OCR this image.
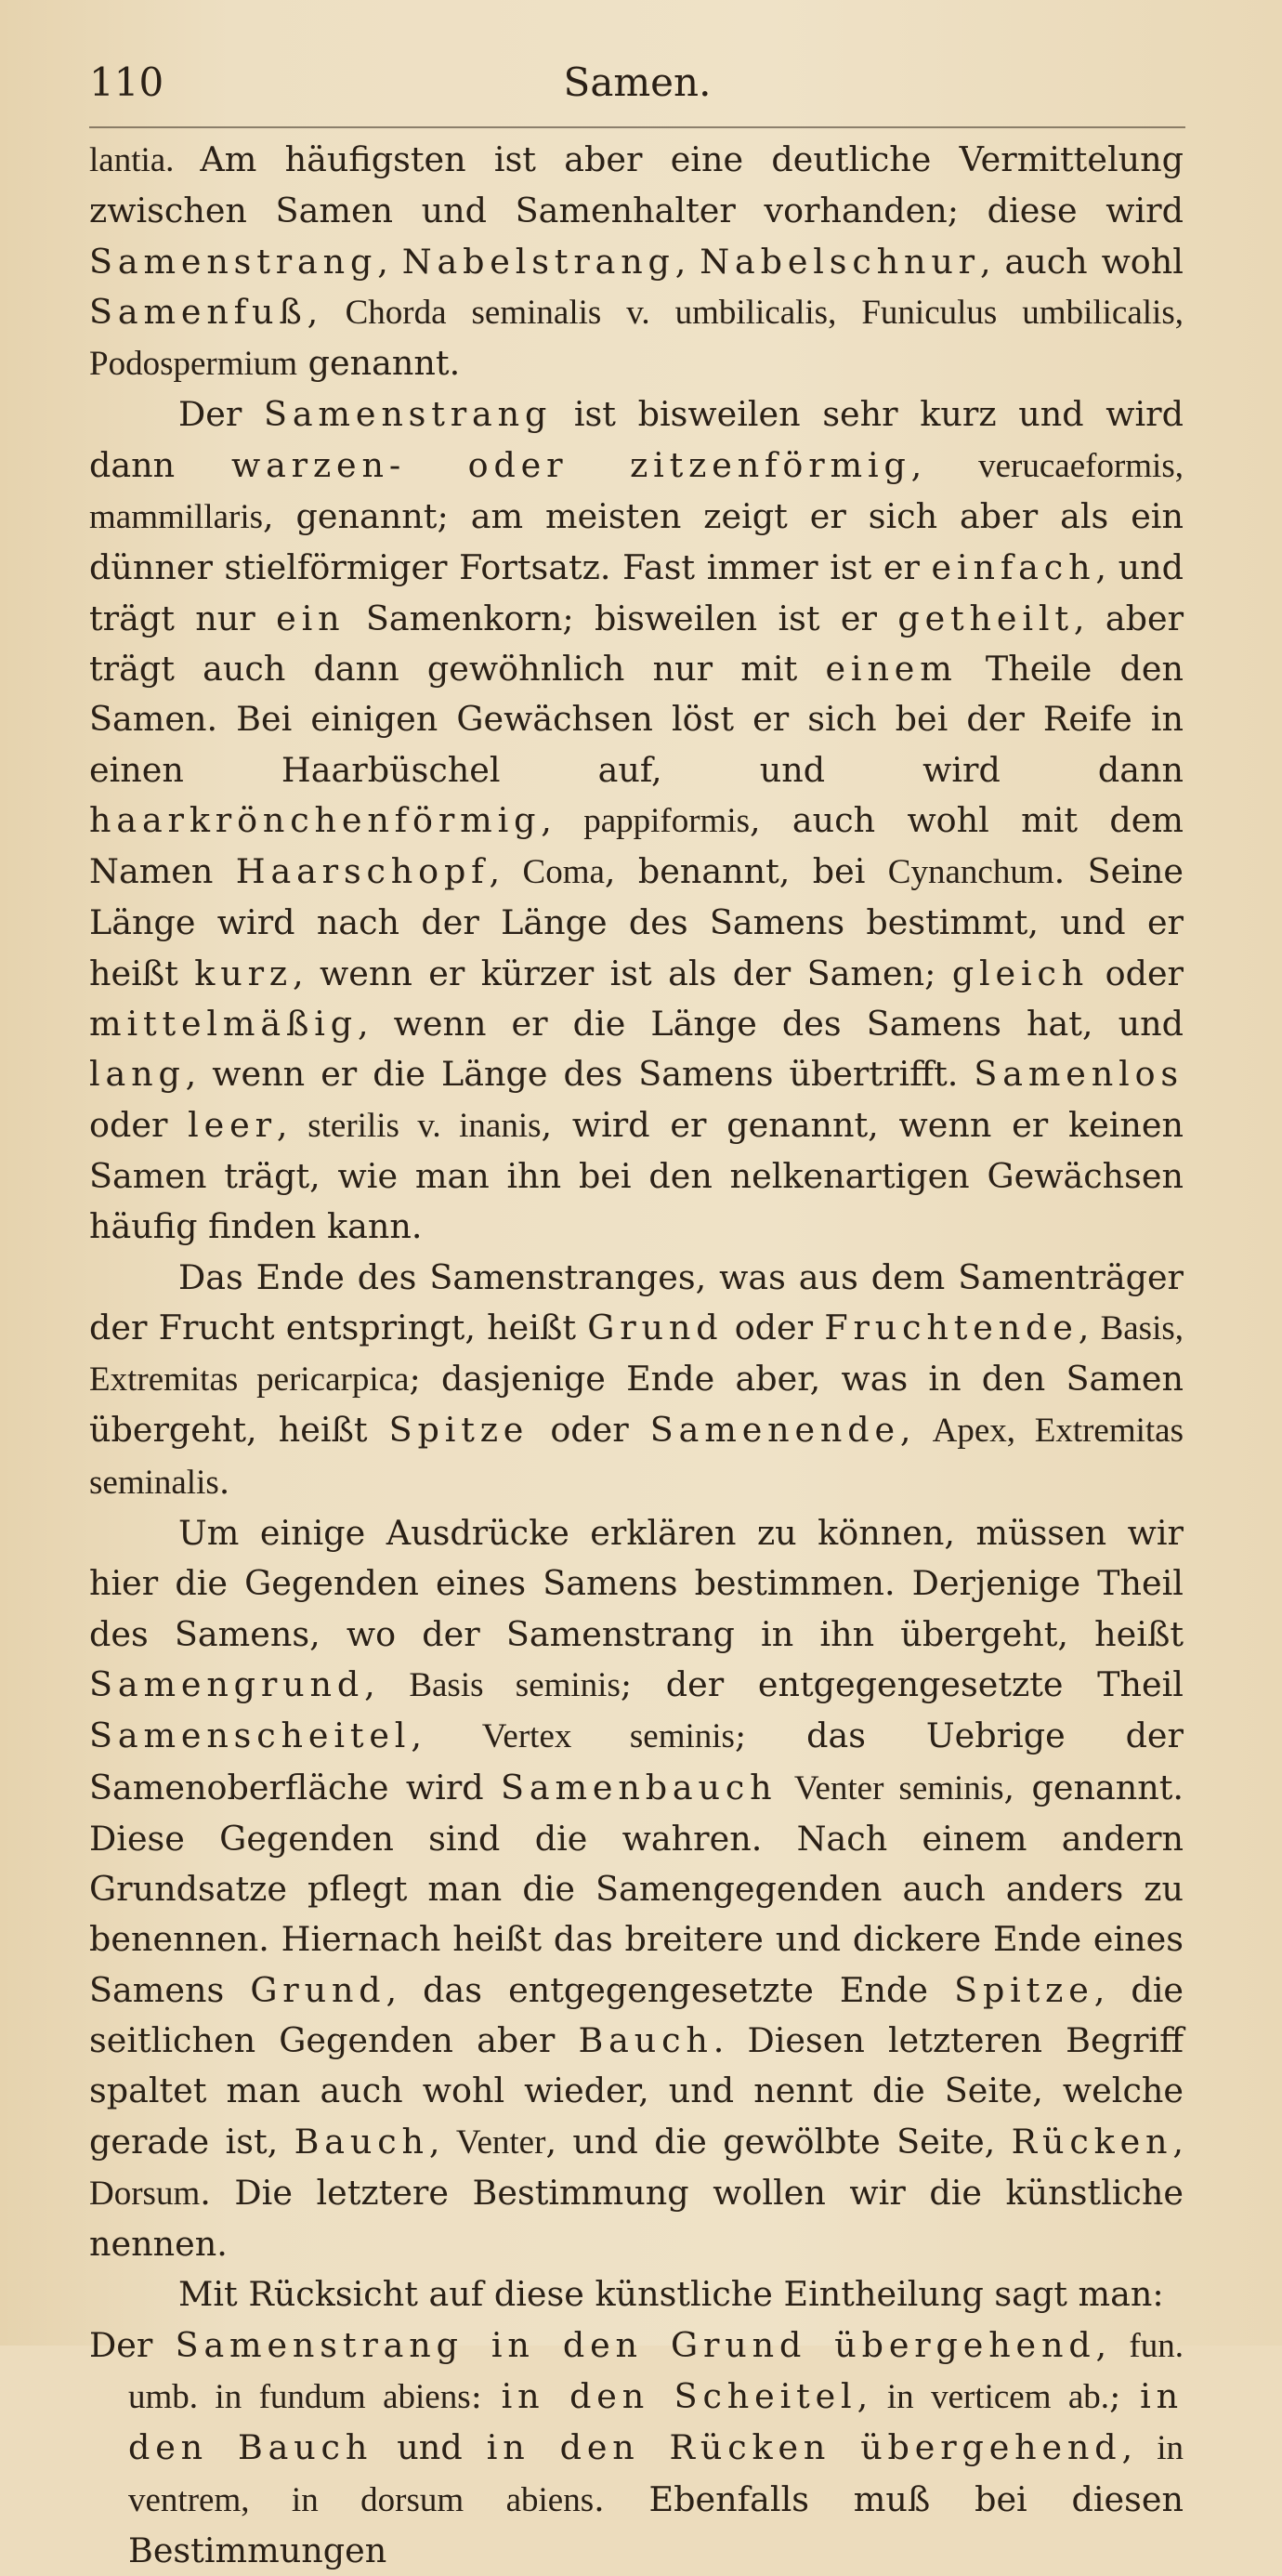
110	Samen.

lantia. Am häufigsten ist aber eine deutliche Vermittelung zwischen Samen und Samenhalter vorhanden; diese wird Samenstrang, Nabelstrang, Nabelschnur, auch wohl Samenfuß, Chorda seminalis v. umbilicalis, Funiculus umbilicalis, Podospermium genannt.

Der Samenstrang ist bisweilen sehr kurz und wird dann warzen- oder zitzenförmig, verucaeformis, mammillaris, genannt; am meisten zeigt er sich aber als ein dünner stielförmiger Fortsatz. Fast immer ist er einfach, und trägt nur ein Samenkorn; bisweilen ist er getheilt, aber trägt auch dann gewöhnlich nur mit einem Theile den Samen. Bei einigen Gewächsen löst er sich bei der Reife in einen Haarbüschel auf, und wird dann haarkrönchenförmig, pappiformis, auch wohl mit dem Namen Haarschopf, Coma, benannt, bei Cynanchum. Seine Länge wird nach der Länge des Samens bestimmt, und er heißt kurz, wenn er kürzer ist als der Samen; gleich oder mittelmäßig, wenn er die Länge des Samens hat, und lang, wenn er die Länge des Samens übertrifft. Samenlos oder leer, sterilis v. inanis, wird er genannt, wenn er keinen Samen trägt, wie man ihn bei den nelkenartigen Gewächsen häufig finden kann.

Das Ende des Samenstranges, was aus dem Samenträger der Frucht entspringt, heißt Grund oder Fruchtende, Basis, Extremitas pericarpica; dasjenige Ende aber, was in den Samen übergeht, heißt Spitze oder Samenende, Apex, Extremitas seminalis.

Um einige Ausdrücke erklären zu können, müssen wir hier die Gegenden eines Samens bestimmen. Derjenige Theil des Samens, wo der Samenstrang in ihn übergeht, heißt Samengrund, Basis seminis; der entgegengesetzte Theil Samenscheitel, Vertex seminis; das Uebrige der Samenoberfläche wird Samenbauch Venter seminis, genannt. Diese Gegenden sind die wahren. Nach einem andern Grundsatze pflegt man die Samengegenden auch anders zu benennen. Hiernach heißt das breitere und dickere Ende eines Samens Grund, das entgegengesetzte Ende Spitze, die seitlichen Gegenden aber Bauch. Diesen letzteren Begriff spaltet man auch wohl wieder, und nennt die Seite, welche gerade ist, Bauch, Venter, und die gewölbte Seite, Rücken, Dorsum. Die letztere Bestimmung wollen wir die künstliche nennen.

Mit Rücksicht auf diese künstliche Eintheilung sagt man:

Der Samenstrang in den Grund übergehend, fun. umb. in fundum abiens: in den Scheitel, in verticem ab.; in den Bauch und in den Rücken übergehend, in ventrem, in dorsum abiens. Ebenfalls muß bei diesen Bestimmungen
